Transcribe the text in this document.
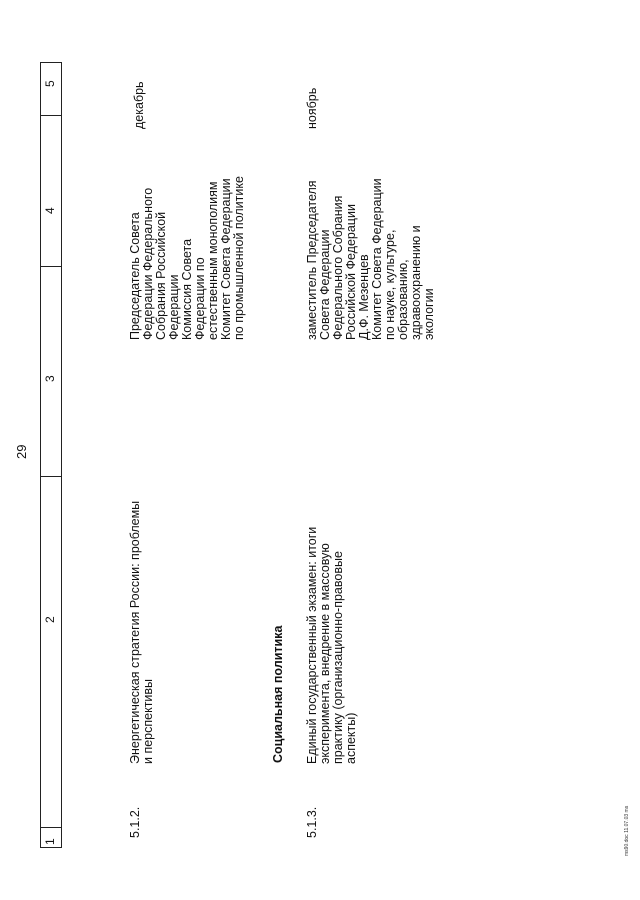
29
1
2
3
4
5
5.1.2.
Энергетическая стратегия России: проблемы
и перспективы
Председатель Совета
Федерации Федерального
Собрания Российской
Федерации
Комиссия Совета
Федерации по
естественным монополиям
Комитет Совета Федерации
по промышленной политике
декабрь
Социальная политика
5.1.3.
Единый государственный экзамен: итоги
эксперимента, внедрение в массовую
практику (организационно-правовые
аспекты)
заместитель Председателя
Совета Федерации
Федерального Собрания
Российской Федерации
Д.Ф. Мезенцев
Комитет Совета Федерации
по науке, культуре,
образованию,
здравоохранению и
экологии
ноябрь
ms90.doc 11.07.03 ms
